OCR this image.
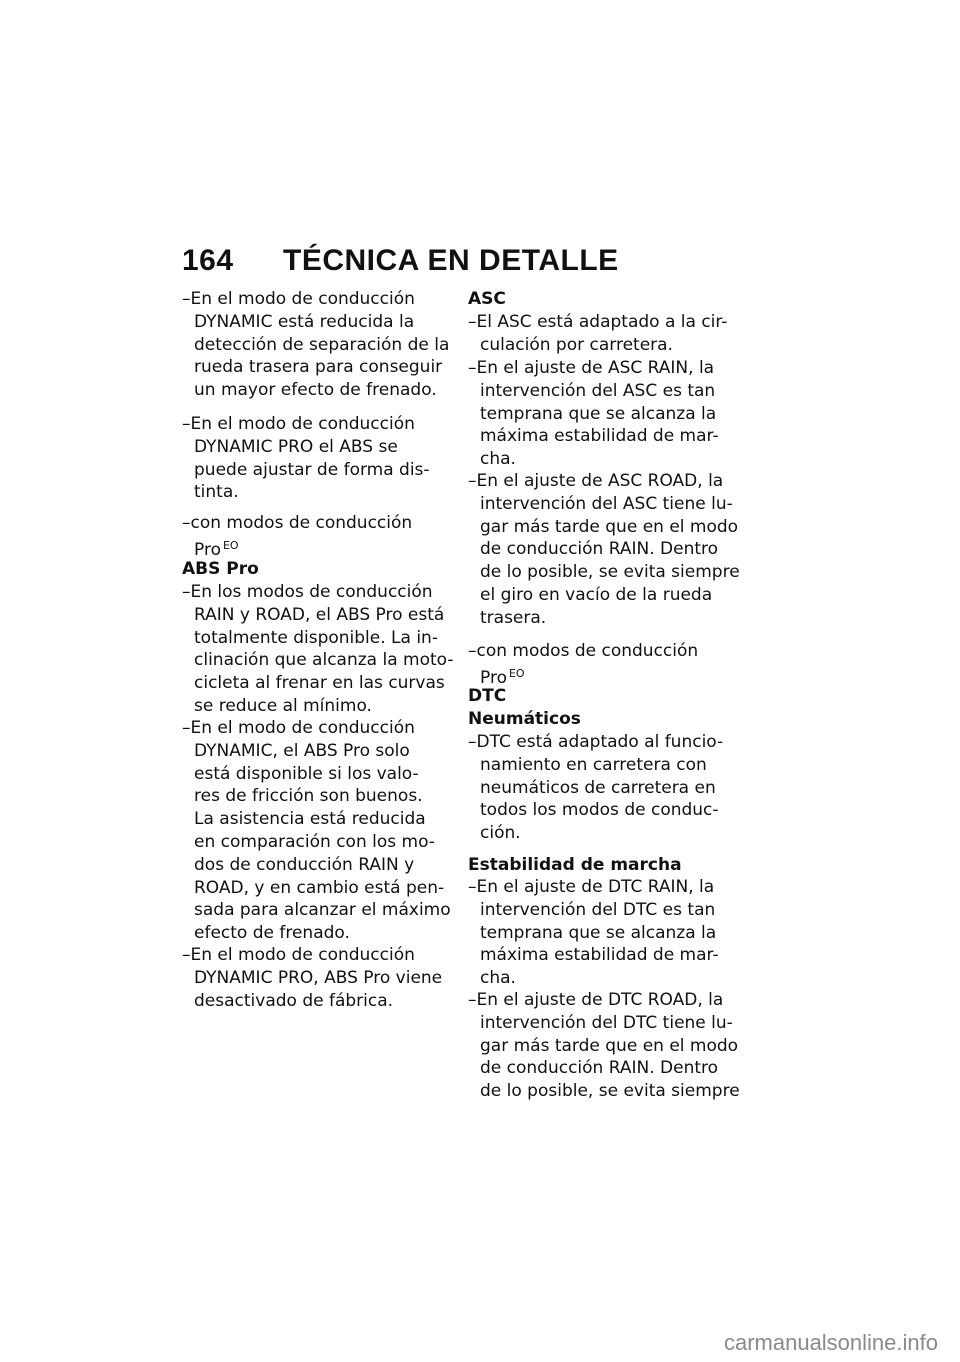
164 TÉCNICA EN DETALLE
–En el modo de conducción
DYNAMIC está reducida la
detección de separación de la
rueda trasera para conseguir
un mayor efecto de frenado.
–En el modo de conducción
DYNAMIC PRO el ABS se
puede ajustar de forma dis-
tinta.
–con modos de conducción
Pro $^{EO}$
ABS Pro
–En los modos de conducción
RAIN y ROAD, el ABS Pro está
totalmente disponible. La in-
clinación que alcanza la moto-
cicleta al frenar en las curvas
se reduce al mínimo.
–En el modo de conducción
DYNAMIC, el ABS Pro solo
está disponible si los valo-
res de fricción son buenos.
La asistencia está reducida
en comparación con los mo-
dos de conducción RAIN y
ROAD, y en cambio está pen-
sada para alcanzar el máximo
efecto de frenado.
–En el modo de conducción
DYNAMIC PRO, ABS Pro viene
desactivado de fábrica.
ASC
–El ASC está adaptado a la cir-
culación por carretera.
–En el ajuste de ASC RAIN, la
intervención del ASC es tan
temprana que se alcanza la
máxima estabilidad de mar-
cha.
–En el ajuste de ASC ROAD, la
intervención del ASC tiene lu-
gar más tarde que en el modo
de conducción RAIN. Dentro
de lo posible, se evita siempre
el giro en vacío de la rueda
trasera.
–con modos de conducción
Pro $^{EO}$
DTC
Neumáticos
–DTC está adaptado al funcio-
namiento en carretera con
neumáticos de carretera en
todos los modos de conduc-
ción.
Estabilidad de marcha
–En el ajuste de DTC RAIN, la
intervención del DTC es tan
temprana que se alcanza la
máxima estabilidad de mar-
cha.
–En el ajuste de DTC ROAD, la
intervención del DTC tiene lu-
gar más tarde que en el modo
de conducción RAIN. Dentro
de lo posible, se evita siempre
carmanualsonline.info
